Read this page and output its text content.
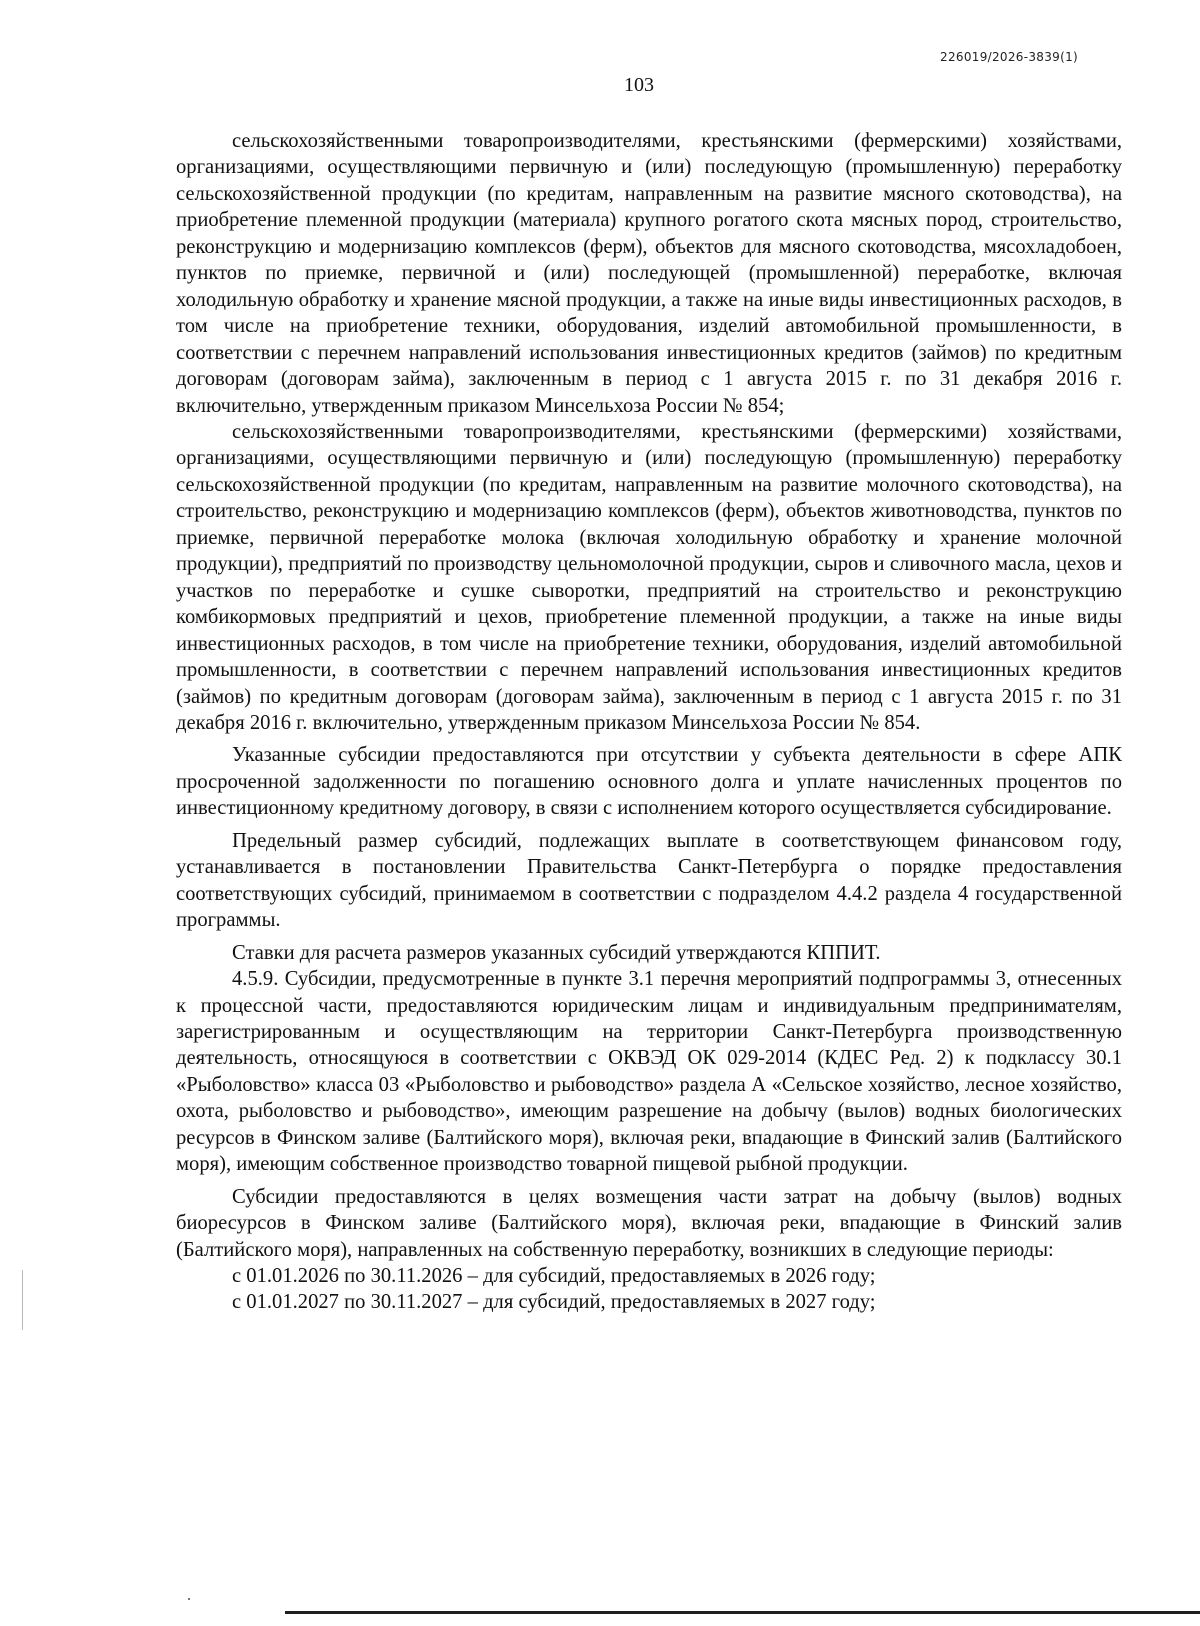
226019/2026-3839(1)
103

сельскохозяйственными товаропроизводителями, крестьянскими (фермерскими) хозяйствами, организациями, осуществляющими первичную и (или) последующую (промышленную) переработку сельскохозяйственной продукции (по кредитам, направленным на развитие мясного скотоводства), на приобретение племенной продукции (материала) крупного рогатого скота мясных пород, строительство, реконструкцию и модернизацию комплексов (ферм), объектов для мясного скотоводства, мясохладобоен, пунктов по приемке, первичной и (или) последующей (промышленной) переработке, включая холодильную обработку и хранение мясной продукции, а также на иные виды инвестиционных расходов, в том числе на приобретение техники, оборудования, изделий автомобильной промышленности, в соответствии с перечнем направлений использования инвестиционных кредитов (займов) по кредитным договорам (договорам займа), заключенным в период с 1 августа 2015 г. по 31 декабря 2016 г. включительно, утвержденным приказом Минсельхоза России № 854;

сельскохозяйственными товаропроизводителями, крестьянскими (фермерскими) хозяйствами, организациями, осуществляющими первичную и (или) последующую (промышленную) переработку сельскохозяйственной продукции (по кредитам, направленным на развитие молочного скотоводства), на строительство, реконструкцию и модернизацию комплексов (ферм), объектов животноводства, пунктов по приемке, первичной переработке молока (включая холодильную обработку и хранение молочной продукции), предприятий по производству цельномолочной продукции, сыров и сливочного масла, цехов и участков по переработке и сушке сыворотки, предприятий на строительство и реконструкцию комбикормовых предприятий и цехов, приобретение племенной продукции, а также на иные виды инвестиционных расходов, в том числе на приобретение техники, оборудования, изделий автомобильной промышленности, в соответствии с перечнем направлений использования инвестиционных кредитов (займов) по кредитным договорам (договорам займа), заключенным в период с 1 августа 2015 г. по 31 декабря 2016 г. включительно, утвержденным приказом Минсельхоза России № 854.

Указанные субсидии предоставляются при отсутствии у субъекта деятельности в сфере АПК просроченной задолженности по погашению основного долга и уплате начисленных процентов по инвестиционному кредитному договору, в связи с исполнением которого осуществляется субсидирование.

Предельный размер субсидий, подлежащих выплате в соответствующем финансовом году, устанавливается в постановлении Правительства Санкт-Петербурга о порядке предоставления соответствующих субсидий, принимаемом в соответствии с подразделом 4.4.2 раздела 4 государственной программы.

Ставки для расчета размеров указанных субсидий утверждаются КППИТ.

4.5.9. Субсидии, предусмотренные в пункте 3.1 перечня мероприятий подпрограммы 3, отнесенных к процессной части, предоставляются юридическим лицам и индивидуальным предпринимателям, зарегистрированным и осуществляющим на территории Санкт-Петербурга производственную деятельность, относящуюся в соответствии с ОКВЭД ОК 029-2014 (КДЕС Ред. 2) к подклассу 30.1 «Рыболовство» класса 03 «Рыболовство и рыбоводство» раздела А «Сельское хозяйство, лесное хозяйство, охота, рыболовство и рыбоводство», имеющим разрешение на добычу (вылов) водных биологических ресурсов в Финском заливе (Балтийского моря), включая реки, впадающие в Финский залив (Балтийского моря), имеющим собственное производство товарной пищевой рыбной продукции.

Субсидии предоставляются в целях возмещения части затрат на добычу (вылов) водных биоресурсов в Финском заливе (Балтийского моря), включая реки, впадающие в Финский залив (Балтийского моря), направленных на собственную переработку, возникших в следующие периоды:

с 01.01.2026 по 30.11.2026 – для субсидий, предоставляемых в 2026 году;

с 01.01.2027 по 30.11.2027 – для субсидий, предоставляемых в 2027 году;
